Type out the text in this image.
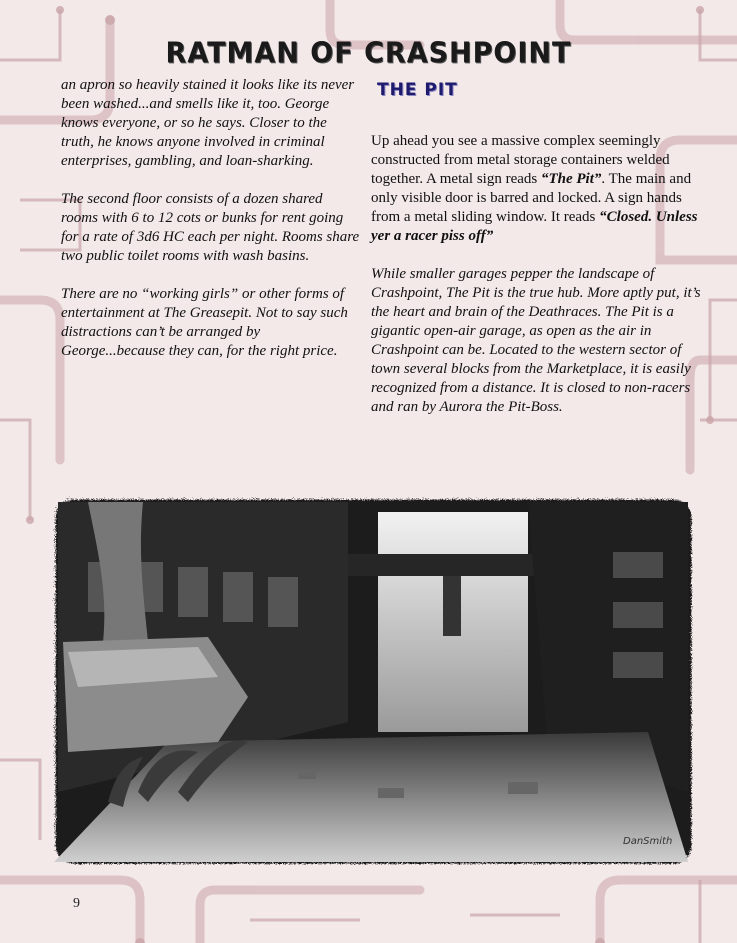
RATMAN OF CRASHPOINT
THE PIT

an apron so heavily stained it looks like its never been washed...and smells like it, too. George knows everyone, or so he says. Closer to the truth, he knows anyone involved in criminal enterprises, gambling, and loan-sharking.

The second floor consists of a dozen shared rooms with 6 to 12 cots or bunks for rent going for a rate of 3d6 HC each per night. Rooms share two public toilet rooms with wash basins.

There are no “working girls” or other forms of entertainment at The Greasepit. Not to say such distractions can’t be arranged by George...because they can, for the right price.

Up ahead you see a massive complex seemingly constructed from metal storage containers welded together. A metal sign reads “The Pit”. The main and only visible door is barred and locked. A sign hands from a metal sliding window. It reads “Closed. Unless yer a racer piss off”

While smaller garages pepper the landscape of Crashpoint, The Pit is the true hub. More aptly put, it’s the heart and brain of the Deathraces. The Pit is a gigantic open-air garage, as open as the air in Crashpoint can be. Located to the western sector of town several blocks from the Marketplace, it is easily recognized from a distance. It is closed to non-racers and ran by Aurora the Pit-Boss.

DanSmith
9
